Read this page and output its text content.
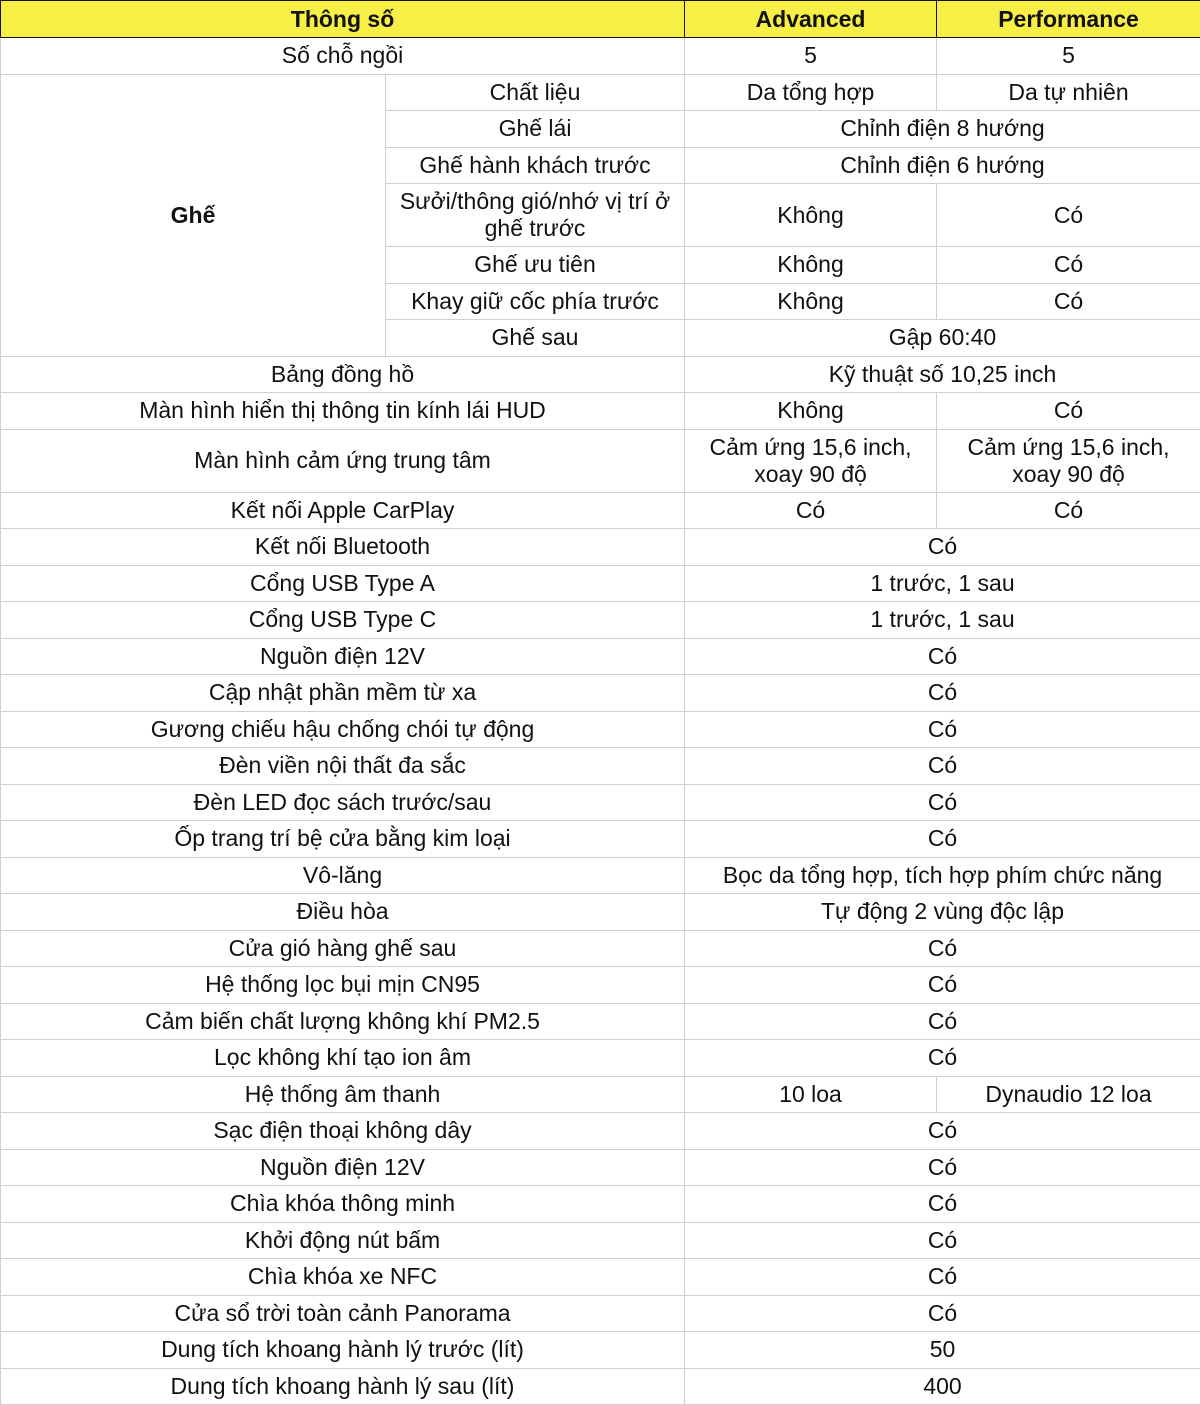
Thông số		Advanced	Performance
Số chỗ ngồi		5	5
Ghế	Chất liệu	Da tổng hợp	Da tự nhiên
	Ghế lái	Chỉnh điện 8 hướng	
	Ghế hành khách trước	Chỉnh điện 6 hướng	
	Sưởi/thông gió/nhớ vị trí ở ghế trước	Không	Có
	Ghế ưu tiên	Không	Có
	Khay giữ cốc phía trước	Không	Có
	Ghế sau	Gập 60:40	
Bảng đồng hồ		Kỹ thuật số 10,25 inch	
Màn hình hiển thị thông tin kính lái HUD		Không	Có
Màn hình cảm ứng trung tâm		Cảm ứng 15,6 inch, xoay 90 độ	Cảm ứng 15,6 inch, xoay 90 độ
Kết nối Apple CarPlay		Có	Có
Kết nối Bluetooth		Có	
Cổng USB Type A		1 trước, 1 sau	
Cổng USB Type C		1 trước, 1 sau	
Nguồn điện 12V		Có	
Cập nhật phần mềm từ xa		Có	
Gương chiếu hậu chống chói tự động		Có	
Đèn viền nội thất đa sắc		Có	
Đèn LED đọc sách trước/sau		Có	
Ốp trang trí bệ cửa bằng kim loại		Có	
Vô-lăng		Bọc da tổng hợp, tích hợp phím chức năng	
Điều hòa		Tự động 2 vùng độc lập	
Cửa gió hàng ghế sau		Có	
Hệ thống lọc bụi mịn CN95		Có	
Cảm biến chất lượng không khí PM2.5		Có	
Lọc không khí tạo ion âm		Có	
Hệ thống âm thanh		10 loa	Dynaudio 12 loa
Sạc điện thoại không dây		Có	
Nguồn điện 12V		Có	
Chìa khóa thông minh		Có	
Khởi động nút bấm		Có	
Chìa khóa xe NFC		Có	
Cửa sổ trời toàn cảnh Panorama		Có	
Dung tích khoang hành lý trước (lít)		50	
Dung tích khoang hành lý sau (lít)		400	
